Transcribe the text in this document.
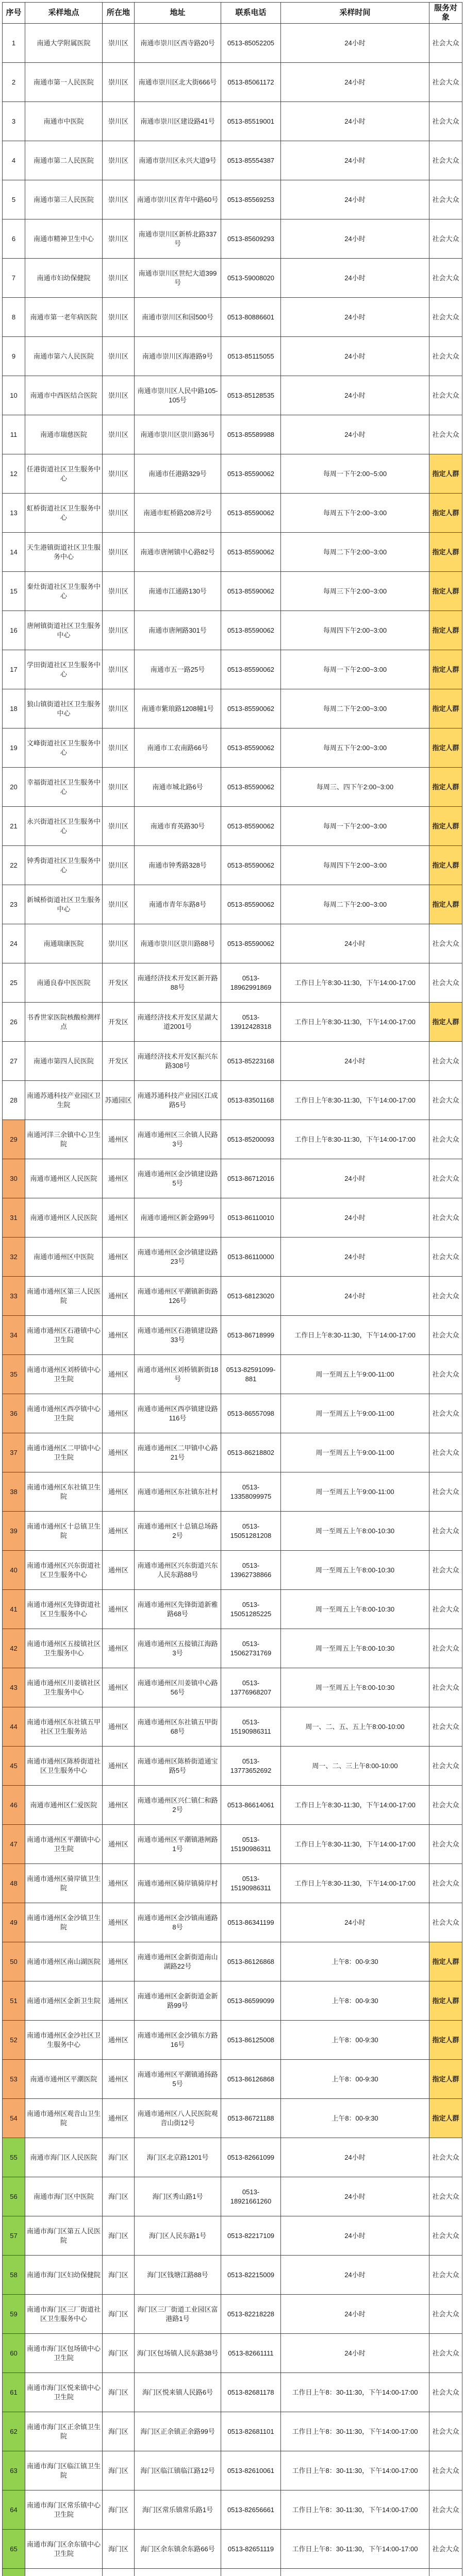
序号	采样地点	所在地	地址	联系电话	采样时间	服务对象
1	南通大学附属医院	崇川区	南通市崇川区西寺路20号	0513-85052205	24小时	社会大众
2	南通市第一人民医院	崇川区	南通市崇川区北大街666号	0513-85061172	24小时	社会大众
3	南通市中医院	崇川区	南通市崇川区建设路41号	0513-85519001	24小时	社会大众
4	南通市第二人民医院	崇川区	南通市崇川区永兴大道9号	0513-85554387	24小时	社会大众
5	南通市第三人民医院	崇川区	南通市崇川区青年中路60号	0513-85569253	24小时	社会大众
6	南通市精神卫生中心	崇川区	南通市崇川区新桥北路337号	0513-85609293	24小时	社会大众
7	南通市妇幼保健院	崇川区	南通市崇川区世纪大道399号	0513-59008020	24小时	社会大众
8	南通市第一老年病医院	崇川区	南通市崇川区和园500号	0513-80886601	24小时	社会大众
9	南通市第六人民医院	崇川区	南通市崇川区海港路9号	0513-85115055	24小时	社会大众
10	南通市中西医结合医院	崇川区	南通市崇川区人民中路105-105号	0513-85128535	24小时	社会大众
11	南通市瑞慈医院	崇川区	南通市崇川区崇川路36号	0513-85589988	24小时	社会大众
12	任港街道社区卫生服务中心	崇川区	南通市任港路329号	0513-85590062	每周一下午2:00~5:00	指定人群
13	虹桥街道社区卫生服务中心	崇川区	南通市虹桥路208弄2号	0513-85590062	每周五下午2:00~3:00	指定人群
14	天生港镇街道社区卫生服务中心	崇川区	南通市唐闸镇中心路82号	0513-85590062	每周二下午2:00~3:00	指定人群
15	秦灶街道社区卫生服务中心	崇川区	南通市江通路130号	0513-85590062	每周三下午2:00~3:00	指定人群
16	唐闸镇街道社区卫生服务中心	崇川区	南通市唐闸路301号	0513-85590062	每周四下午2:00~3:00	指定人群
17	学田街道社区卫生服务中心	崇川区	南通市五一路25号	0513-85590062	每周一下午2:00~3:00	指定人群
18	狼山镇街道社区卫生服务中心	崇川区	南通市紫琅路1208幢1号	0513-85590062	每周二下午2:00~3:00	指定人群
19	文峰街道社区卫生服务中心	崇川区	南通市工农南路66号	0513-85590062	每周五下午2:00~3:00	指定人群
20	幸福街道社区卫生服务中心	崇川区	南通市城北路6号	0513-85590062	每周三、四下午2:00~3:00	指定人群
21	永兴街道社区卫生服务中心	崇川区	南通市育英路30号	0513-85590062	每周一下午2:00~3:00	指定人群
22	钟秀街道社区卫生服务中心	崇川区	南通市钟秀路328号	0513-85590062	每周四下午2:00~3:00	指定人群
23	新城桥街道社区卫生服务中心	崇川区	南通市青年东路8号	0513-85590062	每周二下午2:00~3:00	指定人群
24	南通瑞康医院	崇川区	南通市崇川区崇川路88号	0513-85590062	24小时	社会大众
25	南通良春中医医院	开发区	南通经济技术开发区新开路88号	0513-18962991869	工作日上午8:30-11:30，下午14:00-17:00	社会大众
26	书香世家医院核酸检测样点	开发区	南通经济技术开发区星湖大道2001号	0513-13912428318	工作日上午8:30-11:30，下午14:00-17:00	指定人群
27	南通市第四人民医院	开发区	南通经济技术开发区振兴东路308号	0513-85223168	24小时	社会大众
28	南通苏通科技产业园区卫生院	苏通园区	南通苏通科技产业园区江成路5号	0513-83501168	工作日上午8:30-11:30，下午14:00-17:00	社会大众
29	南通河洋三余镇中心卫生院	通州区	南通市通州区三余镇人民路3号	0513-85200093	工作日上午8:30-11:30，下午14:00-17:00	社会大众
30	南通市通州区人民医院	通州区	南通市通州区金沙镇建设路5号	0513-86712016	24小时	社会大众
31	南通市通州区人民医院	通州区	南通市通州区新金路99号	0513-86110010	24小时	社会大众
32	南通市通州区中医院	通州区	南通市通州区金沙镇建设路23号	0513-86110000	24小时	社会大众
33	南通市通州区第三人民医院	通州区	南通市通州区平潮镇新街路126号	0513-68123020	24小时	社会大众
34	南通市通州区石港镇中心卫生院	通州区	南通市通州区石港镇建设路33号	0513-86718999	工作日上午8:30-11:30，下午14:00-17:00	社会大众
35	南通市通州区刘桥镇中心卫生院	通州区	南通市通州区刘桥镇新街18号	0513-82591099-881	周一至周五上午9:00-11:00	社会大众
36	南通市通州区西亭镇中心卫生院	通州区	南通市通州区西亭镇建设路116号	0513-86557098	周一至周五上午9:00-11:00	社会大众
37	南通市通州区二甲镇中心卫生院	通州区	南通市通州区二甲镇中心路21号	0513-86218802	周一至周五上午9:00-11:00	社会大众
38	南通市通州区东社镇卫生院	通州区	南通市通州区东社镇东社村	0513-13358099975	周一至周五上午9:00-11:00	社会大众
39	南通市通州区十总镇卫生院	通州区	南通市通州区十总镇总场路2号	0513-15051281208	周一至周五上午8:00-10:30	社会大众
40	南通市通州区兴东街道社区卫生服务中心	通州区	南通市通州区兴东街道兴东人民东路88号	0513-13962738866	周一至周五上午8:00-10:30	社会大众
41	南通市通州区先锋街道社区卫生服务中心	通州区	南通市通州区先锋街道新雅路68号	0513-15051285225	周一至周五上午8:00-10:30	社会大众
42	南通市通州区五接镇社区卫生服务中心	通州区	南通市通州区五接镇江海路3号	0513-15062731769	周一至周五上午8:00-10:30	社会大众
43	南通市通州区川姜镇社区卫生服务中心	通州区	南通市通州区川姜镇中心路56号	0513-13776968207	周一至周五上午8:00-10:30	社会大众
44	南通市通州区东社镇五甲社区卫生服务站	通州区	南通市通州区东社镇五甲街68号	0513-15190986311	周一、二、五、五上午8:00-10:00	社会大众
45	南通市通州区陈桥街道社区卫生服务中心	通州区	南通市通州区陈桥街道通宝路5号	0513-13773652692	周一、二、三上午8:00-10:00	社会大众
46	南通市通州区仁爱医院	通州区	南通市通州区兴仁镇仁和路2号	0513-86614061	工作日上午8:30-11:30，下午14:00-17:00	社会大众
47	南通市通州区平潮镇中心卫生院	通州区	南通市通州区平潮镇港闸路1号	0513-15190986311	工作日上午8:30-11:30，下午14:00-17:00	社会大众
48	南通市通州区骑岸镇卫生院	通州区	南通市通州区骑岸镇骑岸村	0513-15190986311	工作日上午8:30-11:30，下午14:00-17:00	社会大众
49	南通市通州区金沙镇卫生院	通州区	南通市通州区金沙镇南通路8号	0513-86341199	24小时	社会大众
50	南通市通州区南山湖医院	通州区	南通市通州区金新街道南山湖路22号	0513-86126868	上午8：00-9:30	指定人群
51	南通市通州区金新卫生院	通州区	南通市通州区金新街道金新路99号	0513-86599099	上午8：00-9:30	指定人群
52	南通市通州区金沙社区卫生服务中心	通州区	南通市通州区金沙镇东方路16号	0513-86125008	上午8：00-9:30	指定人群
53	南通市通州区平潮医院	通州区	南通市通州区平潮镇通扬路5号	0513-86126868	上午8：00-9:30	指定人群
54	南通市通州区观音山卫生院	通州区	南通市通州区八人民医院观音山街12号	0513-86721188	上午8：00-9:30	指定人群
55	南通市海门区人民医院	海门区	海门区北京路1201号	0513-82661099	24小时	社会大众
56	南通市海门区中医院	海门区	海门区秀山路1号	0513-18921661260	24小时	社会大众
57	南通市海门区第五人民医院	海门区	海门区人民东路1号	0513-82217109	24小时	社会大众
58	南通市海门区妇幼保健院	海门区	海门区钱塘江路88号	0513-82215009	24小时	社会大众
59	南通市海门区三厂街道社区卫生服务中心	海门区	海门区三厂街道工业园区富港路1号	0513-82218228	24小时	社会大众
60	南通市海门区包场镇中心卫生院	海门区	海门区包场镇人民东路38号	0513-82661111	24小时	社会大众
61	南通市海门区悦来镇中心卫生院	海门区	海门区悦来镇人民路6号	0513-82681178	工作日上午8：30-11:30，下午14:00-17:00	社会大众
62	南通市海门区正余镇卫生院	海门区	海门区正余镇正余路99号	0513-82681101	工作日上午8：30-11:30，下午14:00-17:00	社会大众
63	南通市海门区临江镇卫生院	海门区	海门区临江镇临江路12号	0513-82610061	工作日上午8：30-11:30，下午14:00-17:00	社会大众
64	南通市海门区常乐镇中心卫生院	海门区	海门区常乐镇常乐路1号	0513-82656661	工作日上午8：30-11:30，下午14:00-17:00	社会大众
65	南通市海门区余东镇中心卫生院	海门区	海门区余东镇余东路66号	0513-82651119	工作日上午8：30-11:30，下午14:00-17:00	社会大众
